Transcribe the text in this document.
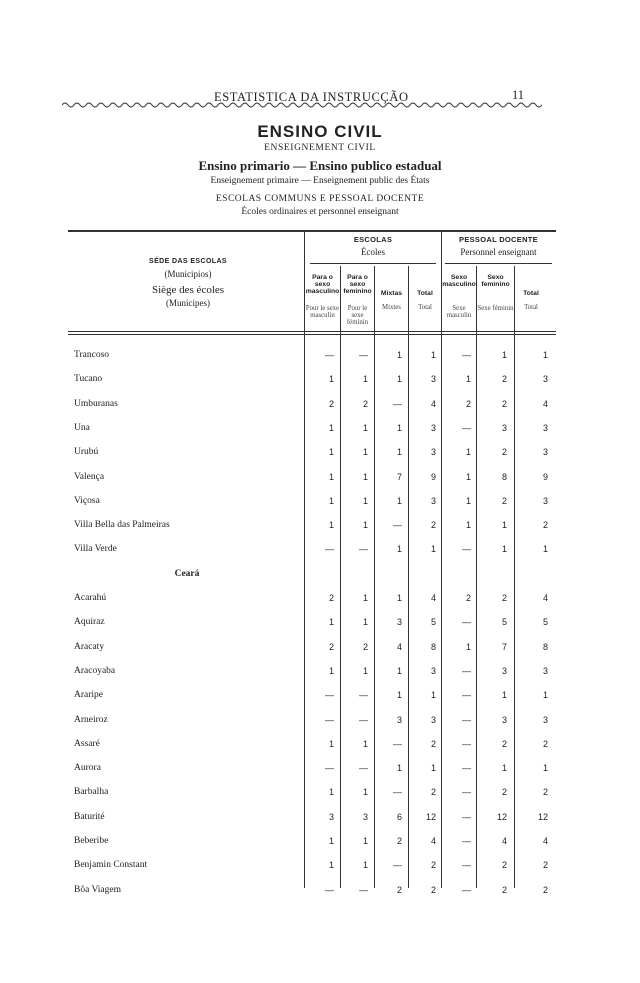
ESTATISTICA DA INSTRUCÇÃO	11
ENSINO CIVIL
ENSEIGNEMENT CIVIL
Ensino primario — Ensino publico estadual
Enseignement primaire — Enseignement public des États
ESCOLAS COMMUNS E PESSOAL DOCENTE
Écoles ordinaires et personnel enseignant
SÉDE DAS ESCOLAS
(Municipios)
Siège des écoles
(Municipes)
ESCOLAS
Écoles
PESSOAL DOCENTE
Personnel enseignant
Para o sexo masculino
Pour le sexe masculin
Para o sexo feminino
Pour le sexe féminin
Mixtas
Mixtes
Total
Total
Sexo masculino
Sexe masculin
Sexo feminino
Sexe féminin
Total
Total
Trancoso	—	—	1	1	—	1	1
Tucano	1	1	1	3	1	2	3
Umburanas	2	2	—	4	2	2	4
Una	1	1	1	3	—	3	3
Urubú	1	1	1	3	1	2	3
Valença	1	1	7	9	1	8	9
Viçosa	1	1	1	3	1	2	3
Villa Bella das Palmeiras	1	1	—	2	1	1	2
Villa Verde	—	—	1	1	—	1	1
Ceará
Acarahú	2	1	1	4	2	2	4
Aquiraz	1	1	3	5	—	5	5
Aracaty	2	2	4	8	1	7	8
Aracoyaba	1	1	1	3	—	3	3
Araripe	—	—	1	1	—	1	1
Arneiroz	—	—	3	3	—	3	3
Assaré	1	1	—	2	—	2	2
Aurora	—	—	1	1	—	1	1
Barbalha	1	1	—	2	—	2	2
Baturité	3	3	6	12	—	12	12
Beberibe	1	1	2	4	—	4	4
Benjamin Constant	1	1	—	2	—	2	2
Bôa Viagem	—	—	2	2	—	2	2
